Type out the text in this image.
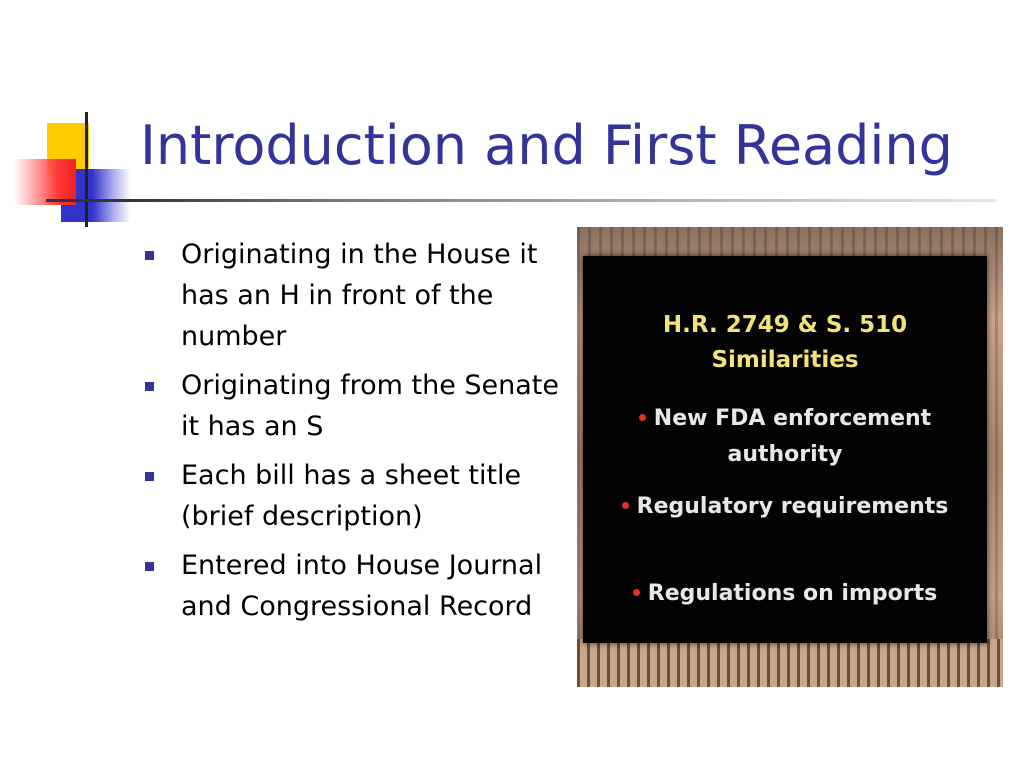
Introduction and First Reading
Originating in the House it has an H in front of the number
Originating from the Senate it has an S
Each bill has a sheet title (brief description)
Entered into House Journal and Congressional Record
H.R. 2749 & S. 510
Similarities

New FDA enforcement authority

Regulatory requirements

Regulations on imports
